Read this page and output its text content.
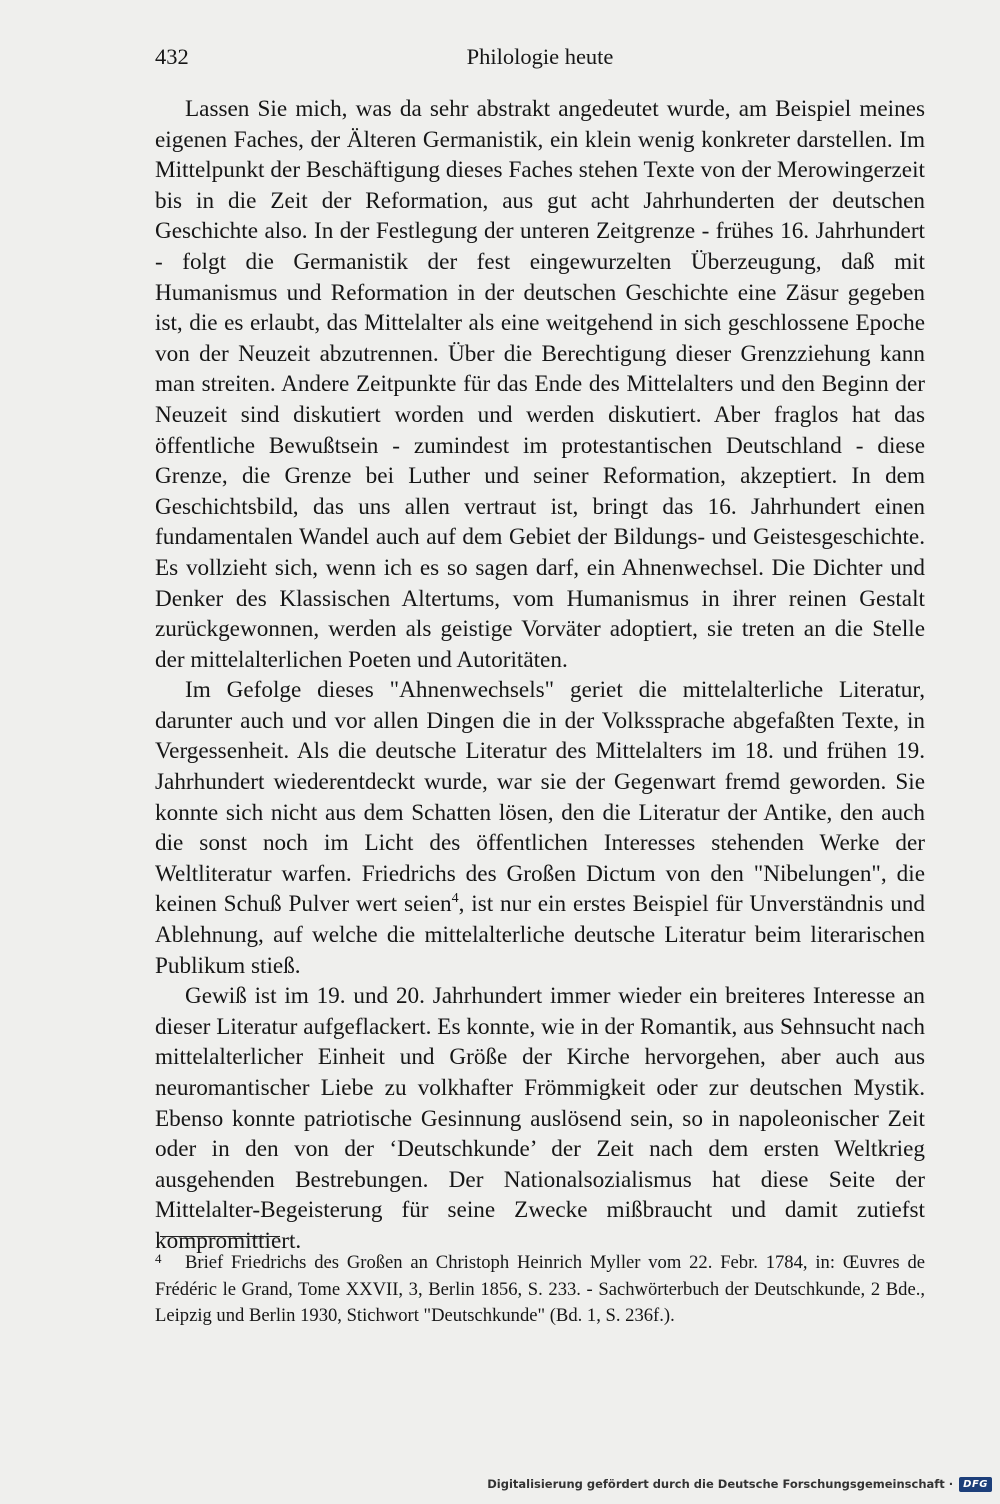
432	Philologie heute

Lassen Sie mich, was da sehr abstrakt angedeutet wurde, am Beispiel meines eigenen Faches, der Älteren Germanistik, ein klein wenig konkreter darstellen. Im Mittelpunkt der Beschäftigung dieses Faches stehen Texte von der Merowingerzeit bis in die Zeit der Reformation, aus gut acht Jahrhunderten der deutschen Geschichte also. In der Festlegung der unteren Zeitgrenze - frühes 16. Jahrhundert - folgt die Germanistik der fest eingewurzelten Überzeugung, daß mit Humanismus und Reformation in der deutschen Geschichte eine Zäsur gegeben ist, die es erlaubt, das Mittelalter als eine weitgehend in sich geschlossene Epoche von der Neuzeit abzutrennen. Über die Berechtigung dieser Grenzziehung kann man streiten. Andere Zeitpunkte für das Ende des Mittelalters und den Beginn der Neuzeit sind diskutiert worden und werden diskutiert. Aber fraglos hat das öffentliche Bewußtsein - zumindest im protestantischen Deutschland - diese Grenze, die Grenze bei Luther und seiner Reformation, akzeptiert. In dem Geschichtsbild, das uns allen vertraut ist, bringt das 16. Jahrhundert einen fundamentalen Wandel auch auf dem Gebiet der Bildungs- und Geistesgeschichte. Es vollzieht sich, wenn ich es so sagen darf, ein Ahnenwechsel. Die Dichter und Denker des Klassischen Altertums, vom Humanismus in ihrer reinen Gestalt zurückgewonnen, werden als geistige Vorväter adoptiert, sie treten an die Stelle der mittelalterlichen Poeten und Autoritäten.

Im Gefolge dieses "Ahnenwechsels" geriet die mittelalterliche Literatur, darunter auch und vor allen Dingen die in der Volkssprache abgefaßten Texte, in Vergessenheit. Als die deutsche Literatur des Mittelalters im 18. und frühen 19. Jahrhundert wiederentdeckt wurde, war sie der Gegenwart fremd geworden. Sie konnte sich nicht aus dem Schatten lösen, den die Literatur der Antike, den auch die sonst noch im Licht des öffentlichen Interesses stehenden Werke der Weltliteratur warfen. Friedrichs des Großen Dictum von den "Nibelungen", die keinen Schuß Pulver wert seien$^4$, ist nur ein erstes Beispiel für Unverständnis und Ablehnung, auf welche die mittelalterliche deutsche Literatur beim literarischen Publikum stieß.

Gewiß ist im 19. und 20. Jahrhundert immer wieder ein breiteres Interesse an dieser Literatur aufgeflackert. Es konnte, wie in der Romantik, aus Sehnsucht nach mittelalterlicher Einheit und Größe der Kirche hervorgehen, aber auch aus neuromantischer Liebe zu volkhafter Frömmigkeit oder zur deutschen Mystik. Ebenso konnte patriotische Gesinnung auslösend sein, so in napoleonischer Zeit oder in den von der ‘Deutschkunde’ der Zeit nach dem ersten Weltkrieg ausgehenden Bestrebungen. Der Nationalsozialismus hat diese Seite der Mittelalter-Begeisterung für seine Zwecke mißbraucht und damit zutiefst kompromittiert.

4	Brief Friedrichs des Großen an Christoph Heinrich Myller vom 22. Febr. 1784, in: Œuvres de Frédéric le Grand, Tome XXVII, 3, Berlin 1856, S. 233. - Sachwörterbuch der Deutschkunde, 2 Bde., Leipzig und Berlin 1930, Stichwort "Deutschkunde" (Bd. 1, S. 236f.).
Digitalisierung gefördert durch die Deutsche Forschungsgemeinschaft ·	DFG
